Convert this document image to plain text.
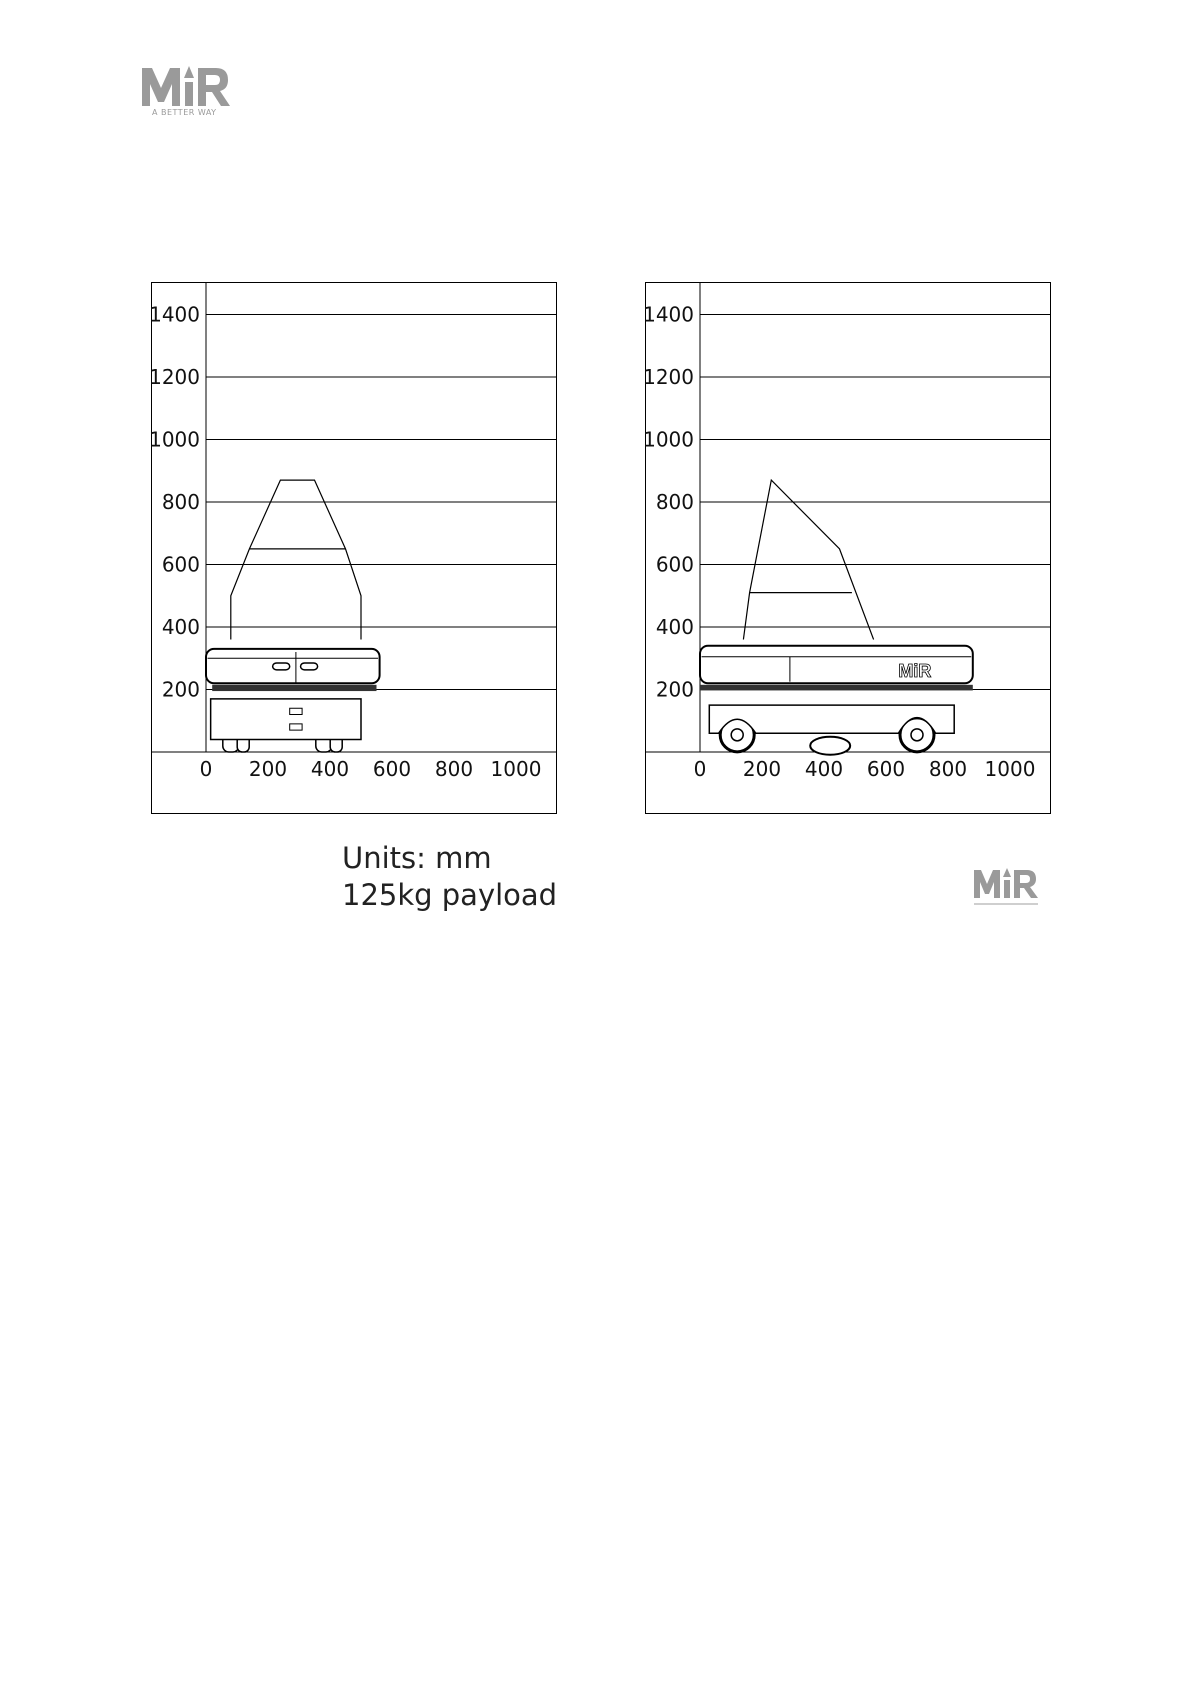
A BETTER WAY
200
400
600
800
1000
1200
1400
0 200 400 600 800 1000
200
400
600
800
1000
1200
1400
0 200 400 600 800 1000
MiR
Units: mm
125kg payload
